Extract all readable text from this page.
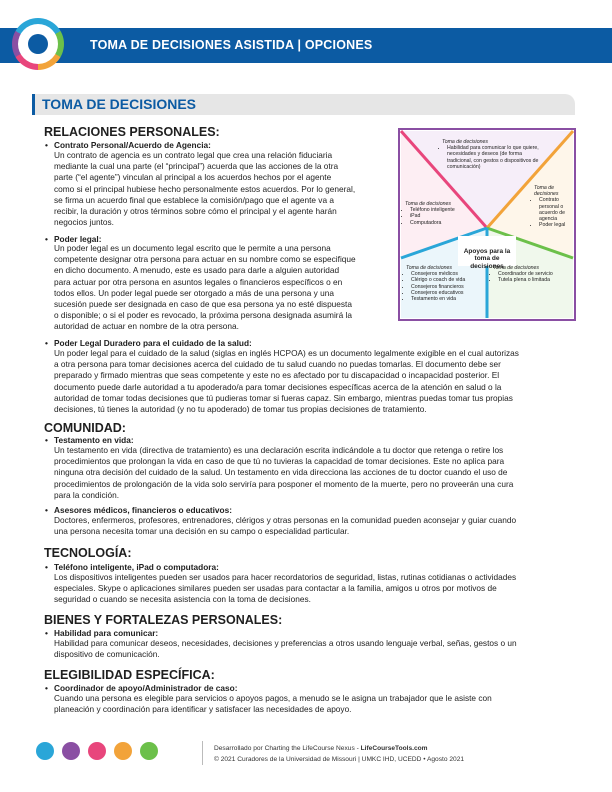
TOMA DE DECISIONES ASISTIDA | OPCIONES
TOMA DE DECISIONES
RELACIONES PERSONALES:
• Contrato Personal/Acuerdo de Agencia:
Un contrato de agencia es un contrato legal que crea una relación fiduciaria
mediante la cual una parte (el “principal”) acuerda que las acciones de la otra
parte (“el agente”) vinculan al principal a los acuerdos hechos por el agente
como si el principal hubiese hecho personalmente estos acuerdos. Por lo general,
se firma un acuerdo final que establece la comisión/pago que el agente va a
recibir, la duración y otros términos sobre cómo el principal y el agente harán
negocios juntos.
• Poder legal:
Un poder legal es un documento legal escrito que le permite a una persona
competente designar otra persona para actuar en su nombre como se especifique
en dicho documento. A menudo, este es usado para darle a alguien autoridad
para actuar por otra persona en asuntos legales o financieros específicos o en
todos ellos. Un poder legal puede ser otorgado a más de una persona y una
sucesión puede ser designada en caso de que esa persona ya no esté dispuesta
o disponible; o si el poder es revocado, la próxima persona designada asumirá la
autoridad de actuar en nombre de la otra persona.
• Poder Legal Duradero para el cuidado de la salud:
Un poder legal para el cuidado de la salud (siglas en inglés HCPOA) es un documento legalmente exigible en el cual autorizas
a otra persona para tomar decisiones acerca del cuidado de tu salud cuando no puedas tomarlas. El documento debe ser
preparado y firmado mientras que seas competente y este no es afectado por tu discapacidad o incapacidad posterior. El
documento puede darle autoridad a tu apoderado/a para tomar decisiones específicas acerca de la atención en salud o la
autoridad de tomar todas decisiones que tú pudieras tomar si fueras capaz. Sin embargo, mientras puedas tomar tus propias
decisiones, tú tienes la autoridad (y no tu apoderado) de tomar tus propias decisiones de tratamiento.
COMUNIDAD:
• Testamento en vida:
Un testamento en vida (directiva de tratamiento) es una declaración escrita indicándole a tu doctor que retenga o retire los
procedimientos que prolongan la vida en caso de que tú no tuvieras la capacidad de tomar decisiones. Este no aplica para
ninguna otra decisión del cuidado de la salud. Un testamento en vida direcciona las acciones de tu doctor cuando el uso de
procedimientos de prolongación de la vida solo serviría para posponer el momento de la muerte, pero no proveerán una cura
para la condición.
• Asesores médicos, financieros o educativos:
Doctores, enfermeros, profesores, entrenadores, clérigos y otras personas en la comunidad pueden aconsejar y guiar cuando
una persona necesita tomar una decisión en su campo o especialidad particular.
TECNOLOGÍA:
• Teléfono inteligente, iPad o computadora:
Los dispositivos inteligentes pueden ser usados para hacer recordatorios de seguridad, listas, rutinas cotidianas o actividades
especiales. Skype o aplicaciones similares pueden ser usadas para contactar a la familia, amigos u otros por motivos de
seguridad o cuando se necesita asistencia con la toma de decisiones.
BIENES Y FORTALEZAS PERSONALES:
• Habilidad para comunicar:
Habilidad para comunicar deseos, necesidades, decisiones y preferencias a otros usando lenguaje verbal, señas, gestos o un
dispositivo de comunicación.
ELEGIBILIDAD ESPECÍFICA:
• Coordinador de apoyo/Administrador de caso:
Cuando una persona es elegible para servicios o apoyos pagos, a menudo se le asigna un trabajador que le asiste con
planeación y coordinación para identificar y satisfacer las necesidades de apoyo.
Apoyos para la toma de decisiones
Toma de decisiones
• Habilidad para comunicar lo que quiere, necesidades y deseos (de forma tradicional, con gestos o dispositivos de comunicación)
Toma de decisiones
• Teléfono inteligente
• iPad
• Computadora
Toma de decisiones
• Contrato personal o acuerdo de agencia
• Poder legal
Toma de decisiones
• Consejeros médicos
• Clérigo o coach de vida
• Consejeros financieros
• Consejeros educativos
• Testamento en vida
Toma de decisiones
• Coordinador de servicio
• Tutela plena o limitada
Desarrollado por Charting the LifeCourse Nexus - LifeCourseTools.com
© 2021 Curadores de la Universidad de Missouri | UMKC IHD, UCEDD • Agosto 2021
